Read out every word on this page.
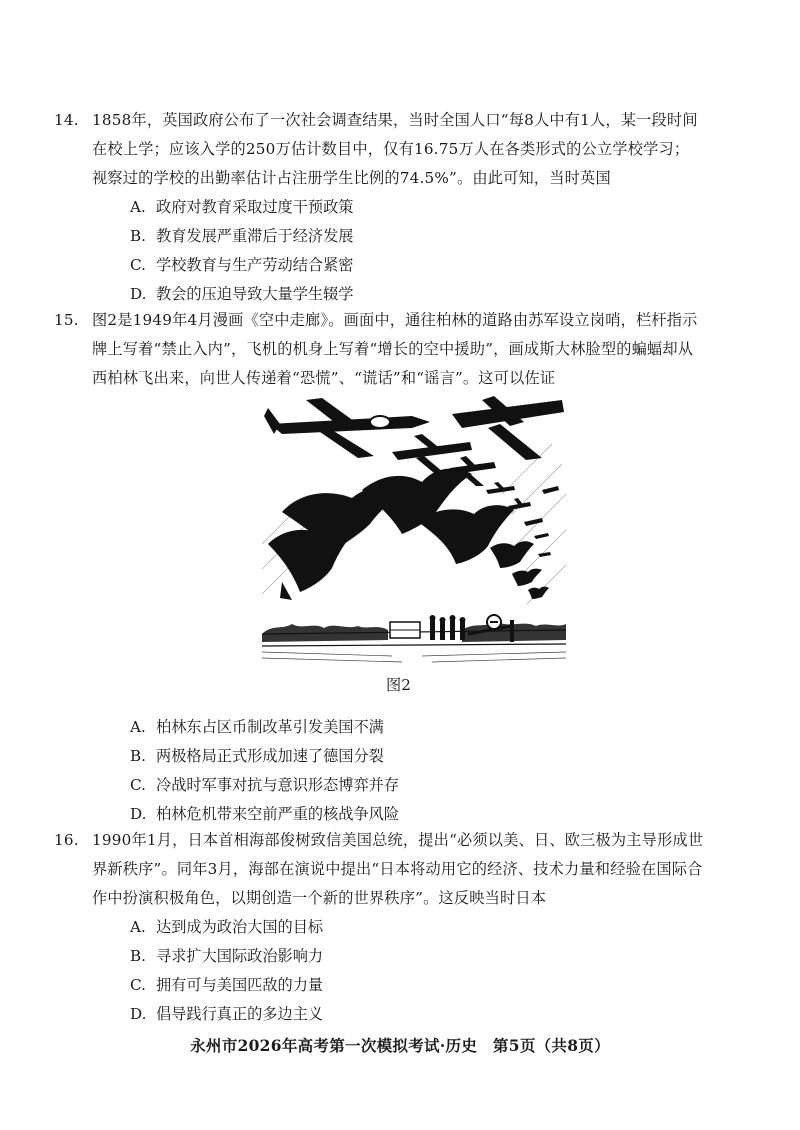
14. 1858年，英国政府公布了一次社会调查结果，当时全国人口“每8人中有1人，某一段时间在校上学；应该入学的250万估计数目中，仅有16.75万人在各类形式的公立学校学习；视察过的学校的出勤率估计占注册学生比例的74.5%”。由此可知，当时英国
A. 政府对教育采取过度干预政策
B. 教育发展严重滞后于经济发展
C. 学校教育与生产劳动结合紧密
D. 教会的压迫导致大量学生辍学
15. 图2是1949年4月漫画《空中走廊》。画面中，通往柏林的道路由苏军设立岗哨，栏杆指示牌上写着“禁止入内”，飞机的机身上写着“增长的空中援助”，画成斯大林脸型的蝙蝠却从西柏林飞出来，向世人传递着“恐慌”、“谎话”和“谣言”。这可以佐证
图2
A. 柏林东占区币制改革引发美国不满
B. 两极格局正式形成加速了德国分裂
C. 冷战时军事对抗与意识形态博弈并存
D. 柏林危机带来空前严重的核战争风险
16. 1990年1月，日本首相海部俊树致信美国总统，提出“必须以美、日、欧三极为主导形成世界新秩序”。同年3月，海部在演说中提出“日本将动用它的经济、技术力量和经验在国际合作中扮演积极角色，以期创造一个新的世界秩序”。这反映当时日本
A. 达到成为政治大国的目标
B. 寻求扩大国际政治影响力
C. 拥有可与美国匹敌的力量
D. 倡导践行真正的多边主义
永州市2026年高考第一次模拟考试·历史　第5页（共8页）
